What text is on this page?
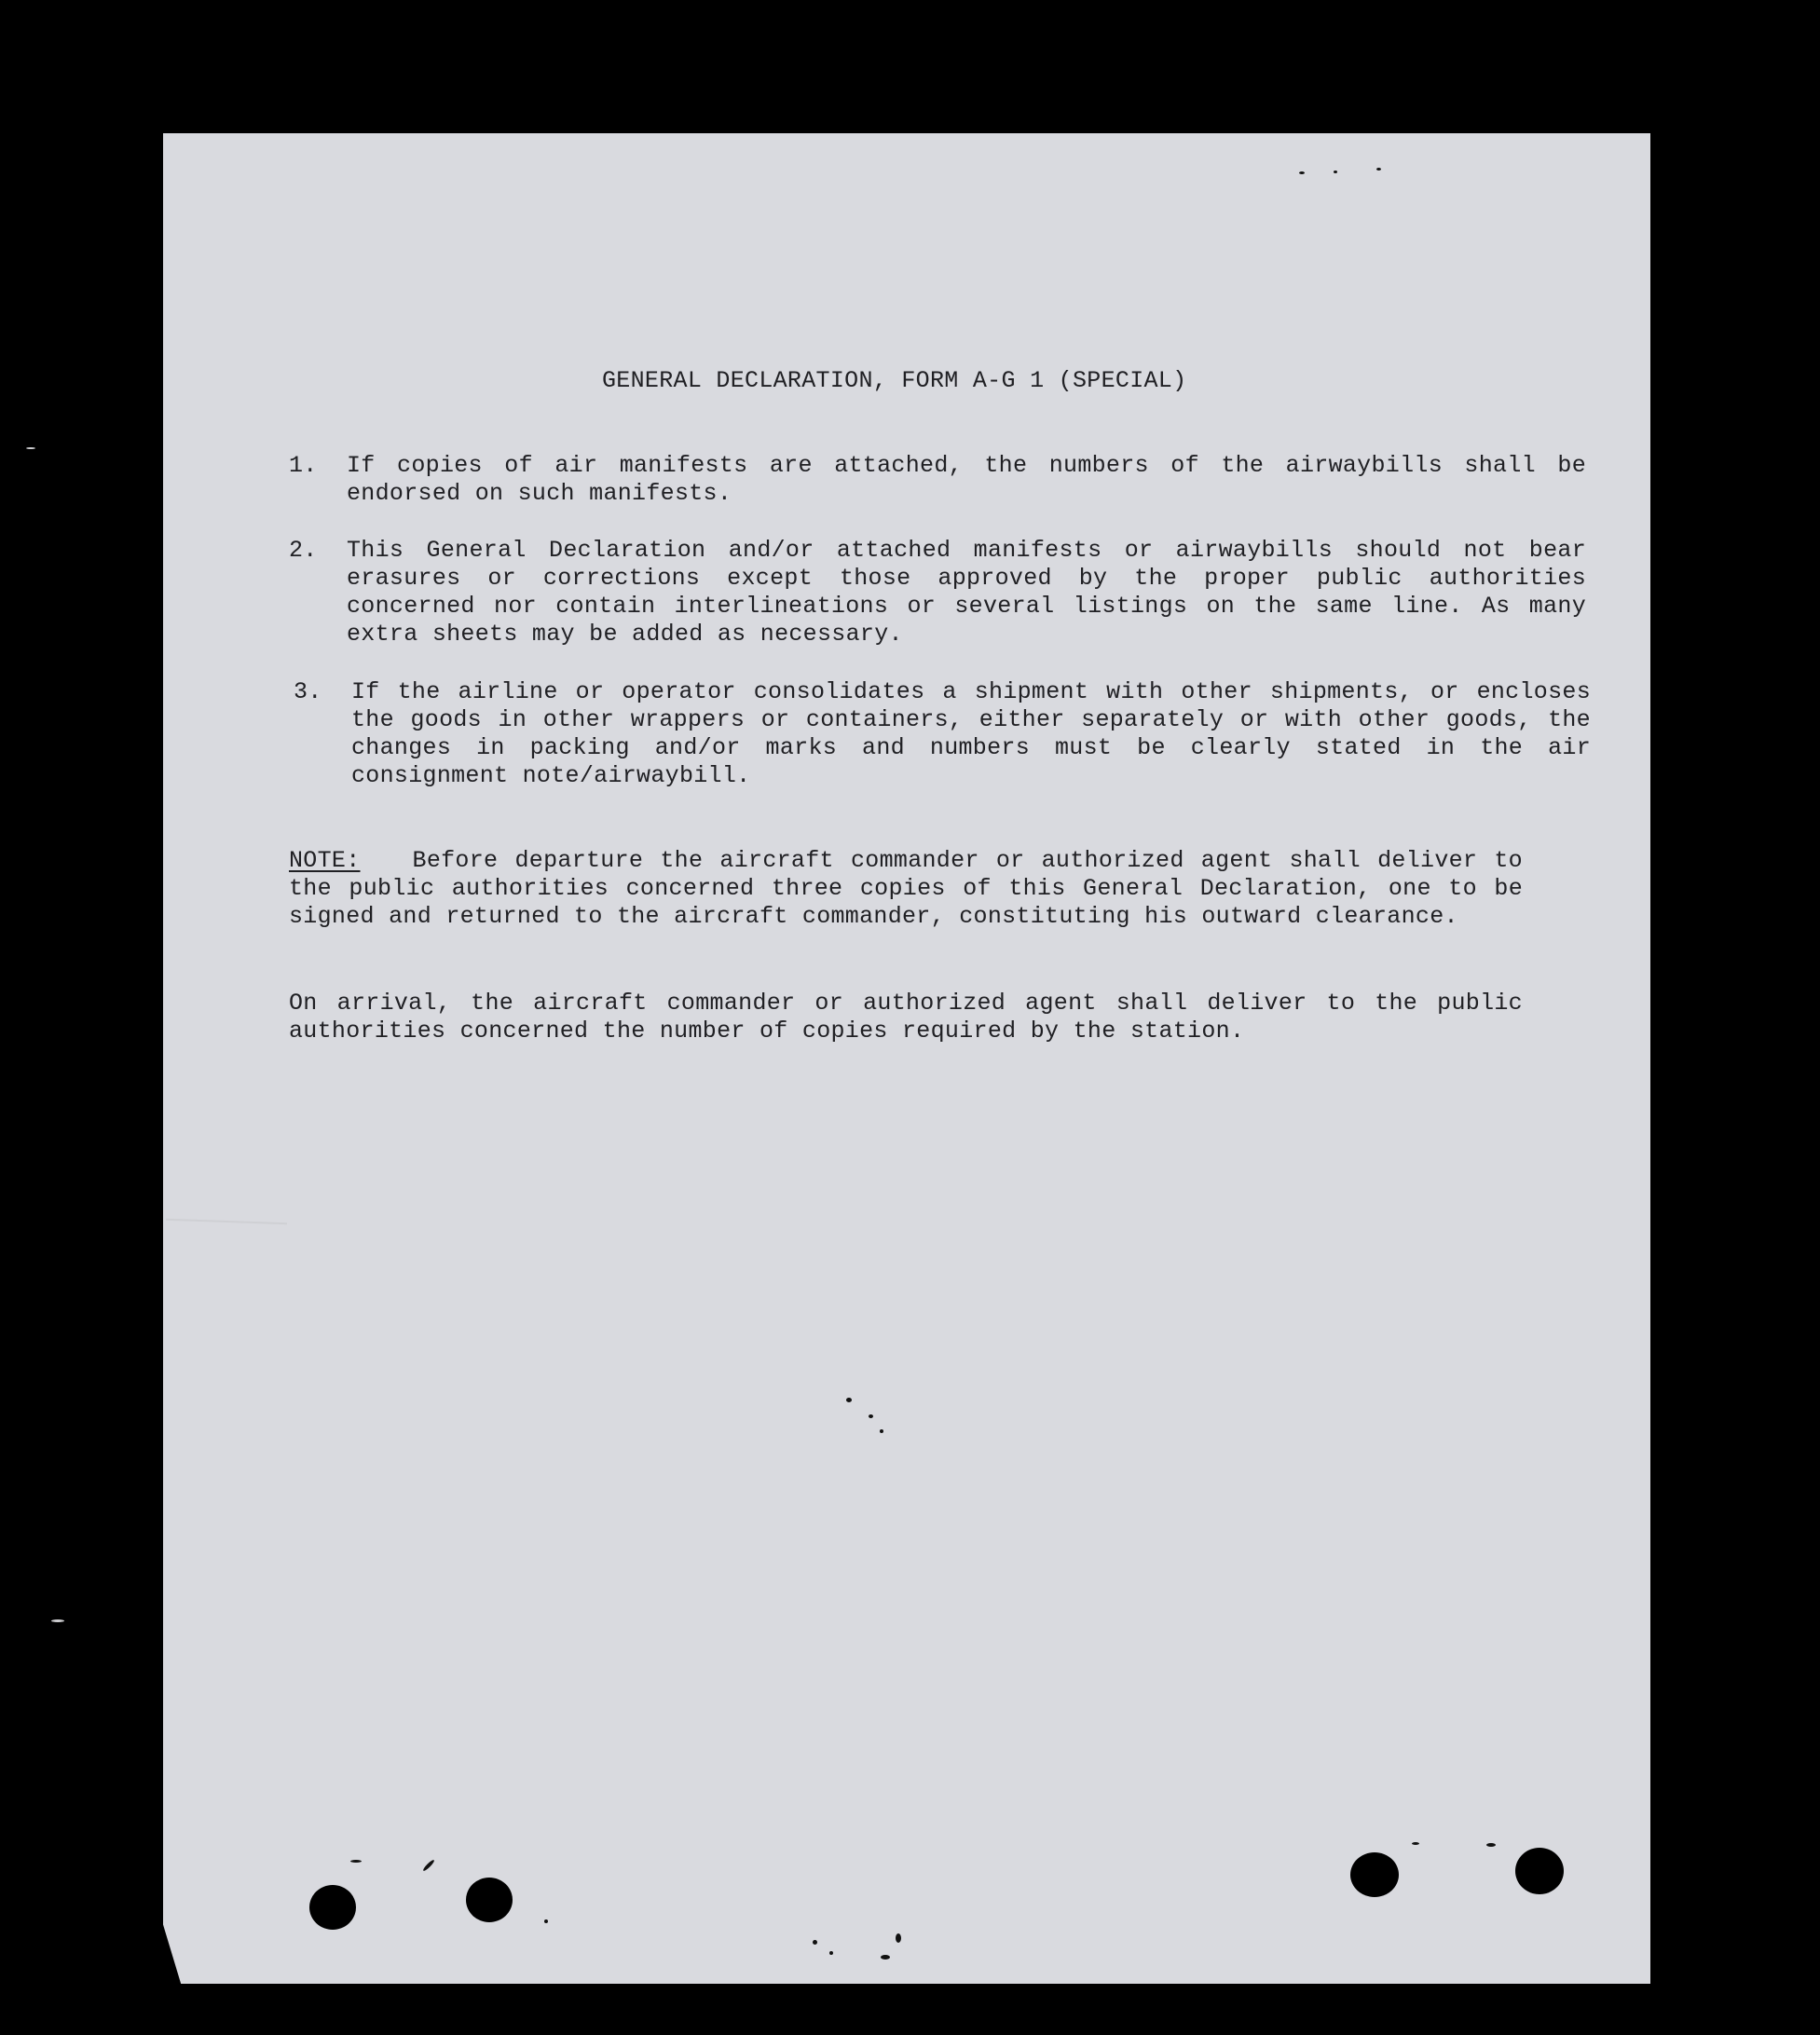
GENERAL DECLARATION, FORM A-G 1 (SPECIAL)
1. If copies of air manifests are attached, the numbers of the airwaybills shall be endorsed on such manifests.

2. This General Declaration and/or attached manifests or airwaybills should not bear erasures or corrections except those approved by the proper public authorities concerned nor contain interlineations or several listings on the same line. As many extra sheets may be added as necessary.

3. If the airline or operator consolidates a shipment with other shipments, or encloses the goods in other wrappers or containers, either separately or with other goods, the changes in packing and/or marks and numbers must be clearly stated in the air consignment note/airwaybill.

NOTE: Before departure the aircraft commander or authorized agent shall deliver to the public authorities concerned three copies of this General Declaration, one to be signed and returned to the aircraft commander, constituting his outward clearance.

On arrival, the aircraft commander or authorized agent shall deliver to the public authorities concerned the number of copies required by the station.
